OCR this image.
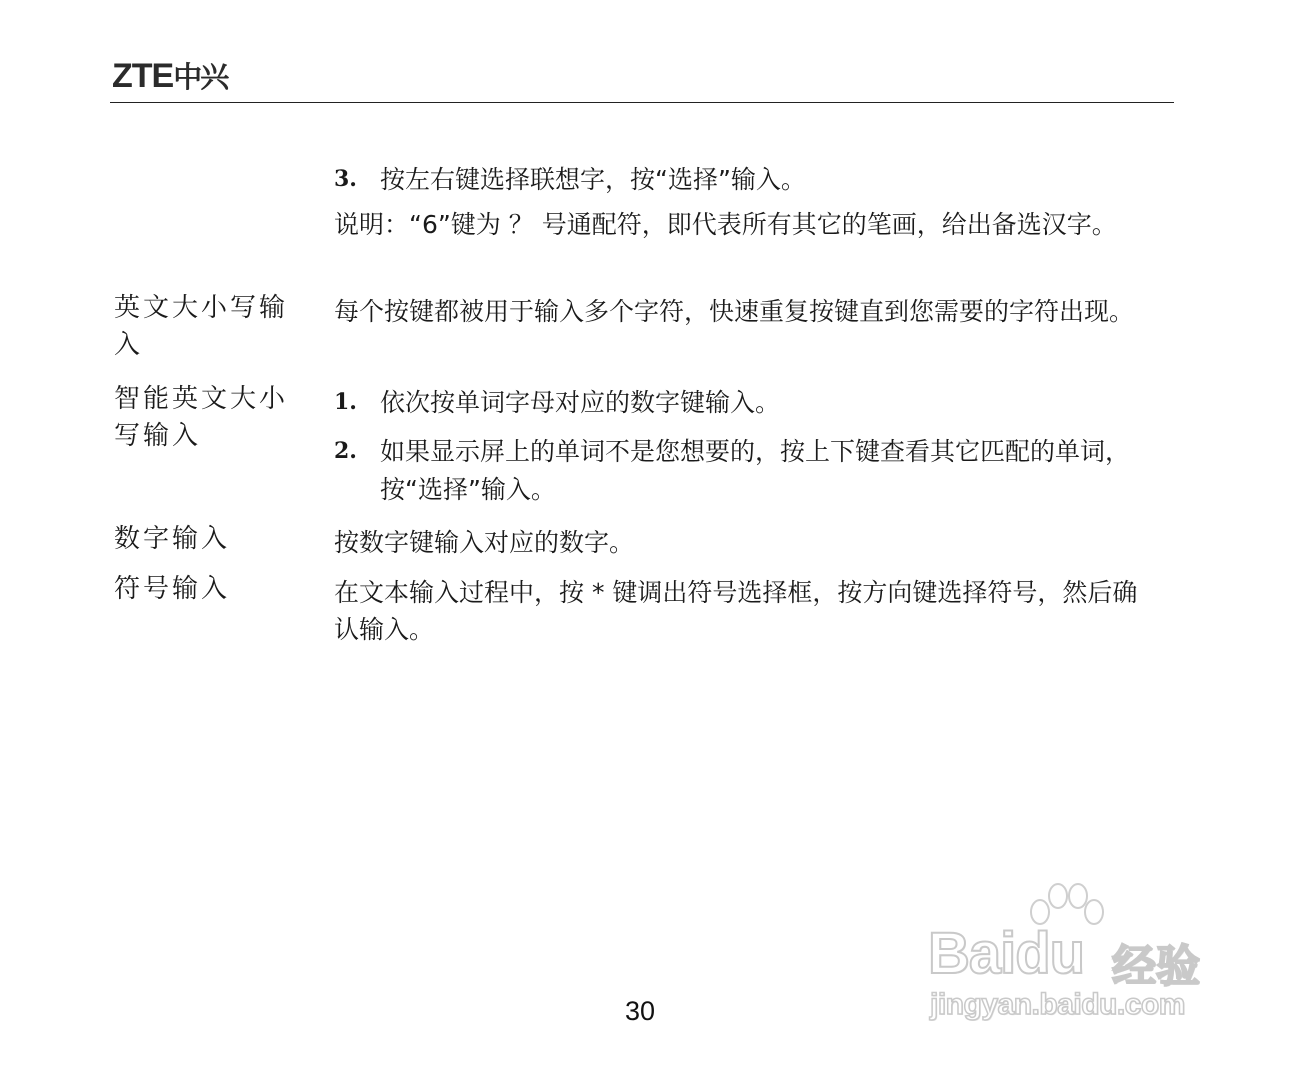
ZTE中兴
3. 按左右键选择联想字，按“选择”输入。
说明：“6”键为 ？ 号通配符，即代表所有其它的笔画，给出备选汉字。
英文大小写输入
每个按键都被用于输入多个字符，快速重复按键直到您需要的字符出现。
智能英文大小写输入
1. 依次按单词字母对应的数字键输入。
2. 如果显示屏上的单词不是您想要的，按上下键查看其它匹配的单词，按“选择”输入。
数字输入	按数字键输入对应的数字。
符号输入	在文本输入过程中，按 * 键调出符号选择框，按方向键选择符号，然后确认输入。
30
Baidu 经验
jingyan.baidu.com
